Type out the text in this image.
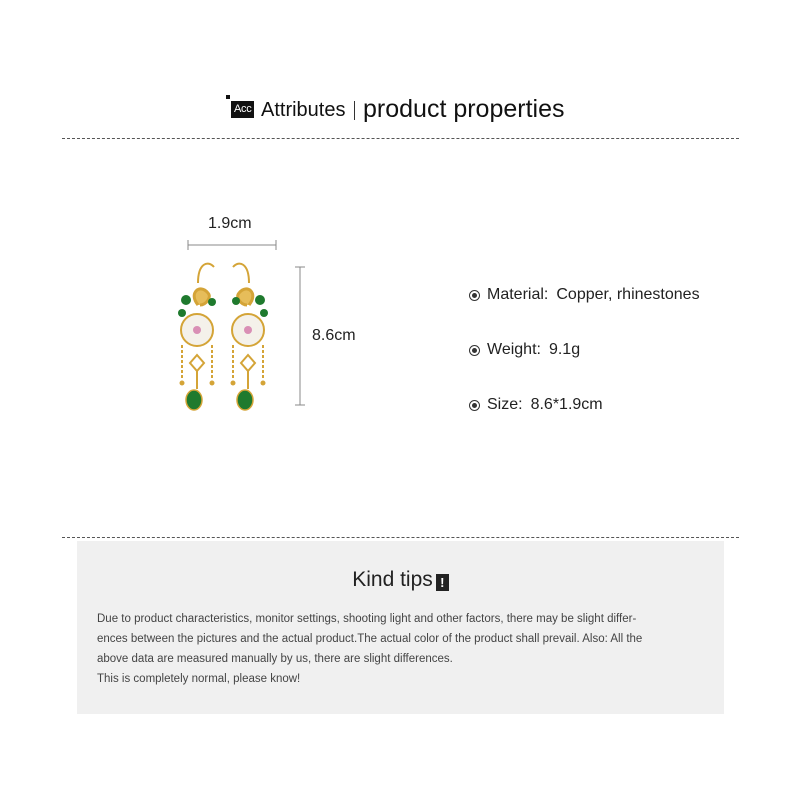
Acc Attributes product properties
1.9cm
8.6cm
Material: Copper, rhinestones
Weight: 9.1g
Size: 8.6*1.9cm
Kind tips !

Due to product characteristics, monitor settings, shooting light and other factors, there may be slight differ-

ences between the pictures and the actual product.The actual color of the product shall prevail. Also: All the

above data are measured manually by us, there are slight differences.

This is completely normal, please know!
